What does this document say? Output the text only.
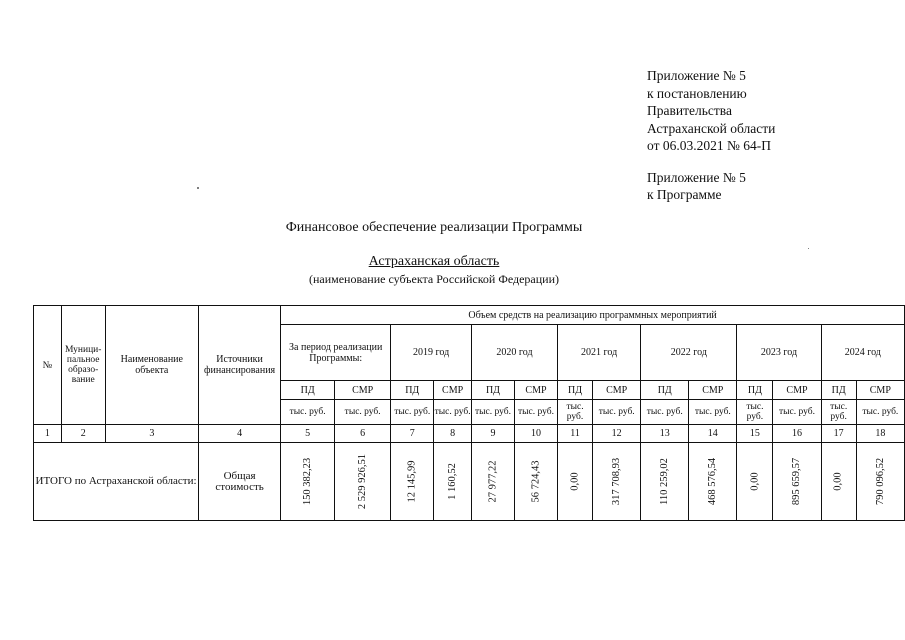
Приложение № 5
к постановлению
Правительства
Астраханской области
от 06.03.2021 № 64-П
Приложение № 5
к Программе
Финансовое обеспечение реализации Программы
Астраханская область
(наименование субъекта Российской Федерации)
№	Муници-пальное образо-вание	Наименование объекта	Источники финансирования	Объем средств на реализацию программных мероприятий													
				За период реализации Программы:		2019 год		2020 год		2021 год		2022 год		2023 год		2024 год	
				ПД	СМР	ПД	СМР	ПД	СМР	ПД	СМР	ПД	СМР	ПД	СМР	ПД	СМР
				тыс. руб.	тыс. руб.	тыс. руб.	тыс. руб.	тыс. руб.	тыс. руб.	тыс. руб.	тыс. руб.	тыс. руб.	тыс. руб.	тыс. руб.	тыс. руб.	тыс. руб.	тыс. руб.
1	2	3	4	5	6	7	8	9	10	11	12	13	14	15	16	17	18
ИТОГО по Астраханской области:			Общая стоимость	150 382,23	2 529 926,51	12 145,99	1 160,52	27 977,22	56 724,43	0,00	317 708,93	110 259,02	468 576,54	0,00	895 659,57	0,00	790 096,52
